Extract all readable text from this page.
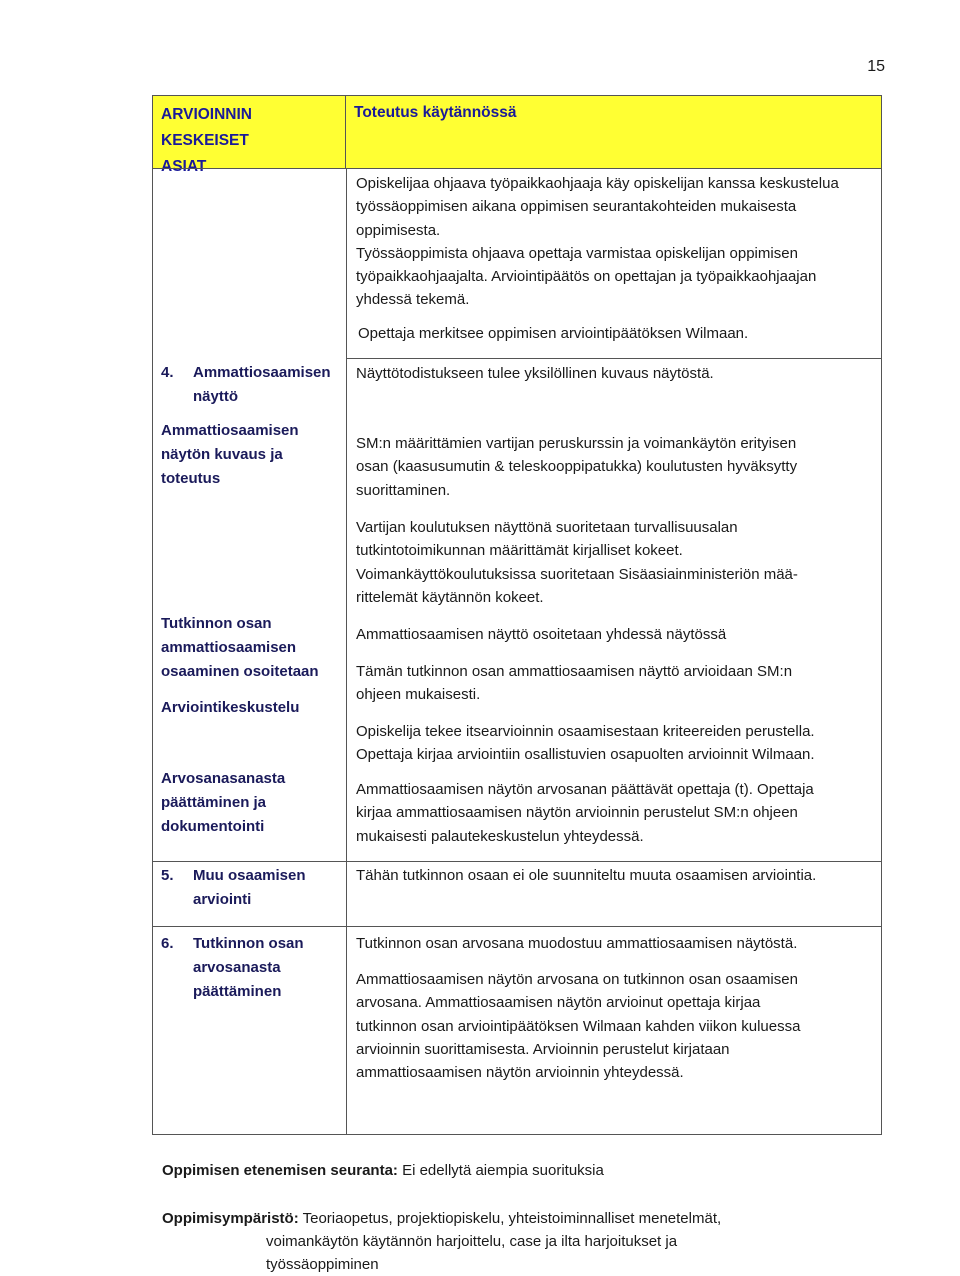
15
ARVIOINNIN KESKEISET
ASIAT
Toteutus käytännössä
Opiskelijaa ohjaava työpaikkaohjaaja käy opiskelijan kanssa keskustelua
työssäoppimisen aikana oppimisen seurantakohteiden mukaisesta
oppimisesta.
Työssäoppimista ohjaava opettaja varmistaa opiskelijan oppimisen
työpaikkaohjaajalta. Arviointipäätös on opettajan ja työpaikkaohjaajan
yhdessä tekemä.
Opettaja merkitsee oppimisen arviointipäätöksen Wilmaan.
4. Ammattiosaamisen
näyttö
Ammattiosaamisen
näytön kuvaus ja
toteutus
Tutkinnon osan
ammattiosaamisen
osaaminen osoitetaan
Arviointikeskustelu
Arvosanasanasta
päättäminen ja
dokumentointi
Näyttötodistukseen tulee yksilöllinen kuvaus näytöstä.
SM:n määrittämien vartijan peruskurssin ja voimankäytön erityisen
osan (kaasusumutin & teleskooppipatukka) koulutusten hyväksytty
suorittaminen.
Vartijan koulutuksen näyttönä suoritetaan turvallisuusalan
tutkintotoimikunnan määrittämät kirjalliset kokeet.
Voimankäyttökoulutuksissa suoritetaan Sisäasiainministeriön mää-
rittelemät käytännön kokeet.
Ammattiosaamisen näyttö osoitetaan yhdessä näytössä
Tämän tutkinnon osan ammattiosaamisen näyttö arvioidaan SM:n
ohjeen mukaisesti.
Opiskelija tekee itsearvioinnin osaamisestaan kriteereiden perustella.
Opettaja kirjaa arviointiin osallistuvien osapuolten arvioinnit Wilmaan.
Ammattiosaamisen näytön arvosanan päättävät opettaja (t). Opettaja
kirjaa ammattiosaamisen näytön arvioinnin perustelut SM:n ohjeen
mukaisesti palautekeskustelun yhteydessä.
5. Muu osaamisen
arviointi
Tähän tutkinnon osaan ei ole suunniteltu muuta osaamisen arviointia.
6. Tutkinnon osan
arvosanasta
päättäminen
Tutkinnon osan arvosana muodostuu ammattiosaamisen näytöstä.
Ammattiosaamisen näytön arvosana on tutkinnon osan osaamisen
arvosana. Ammattiosaamisen näytön arvioinut opettaja kirjaa
tutkinnon osan arviointipäätöksen Wilmaan kahden viikon kuluessa
arvioinnin suorittamisesta. Arvioinnin perustelut kirjataan
ammattiosaamisen näytön arvioinnin yhteydessä.
Oppimisen etenemisen seuranta: Ei edellytä aiempia suorituksia
Oppimisympäristö: Teoriaopetus, projektiopiskelu, yhteistoiminnalliset menetelmät,
voimankäytön käytännön harjoittelu, case ja ilta harjoitukset ja
työssäoppiminen
